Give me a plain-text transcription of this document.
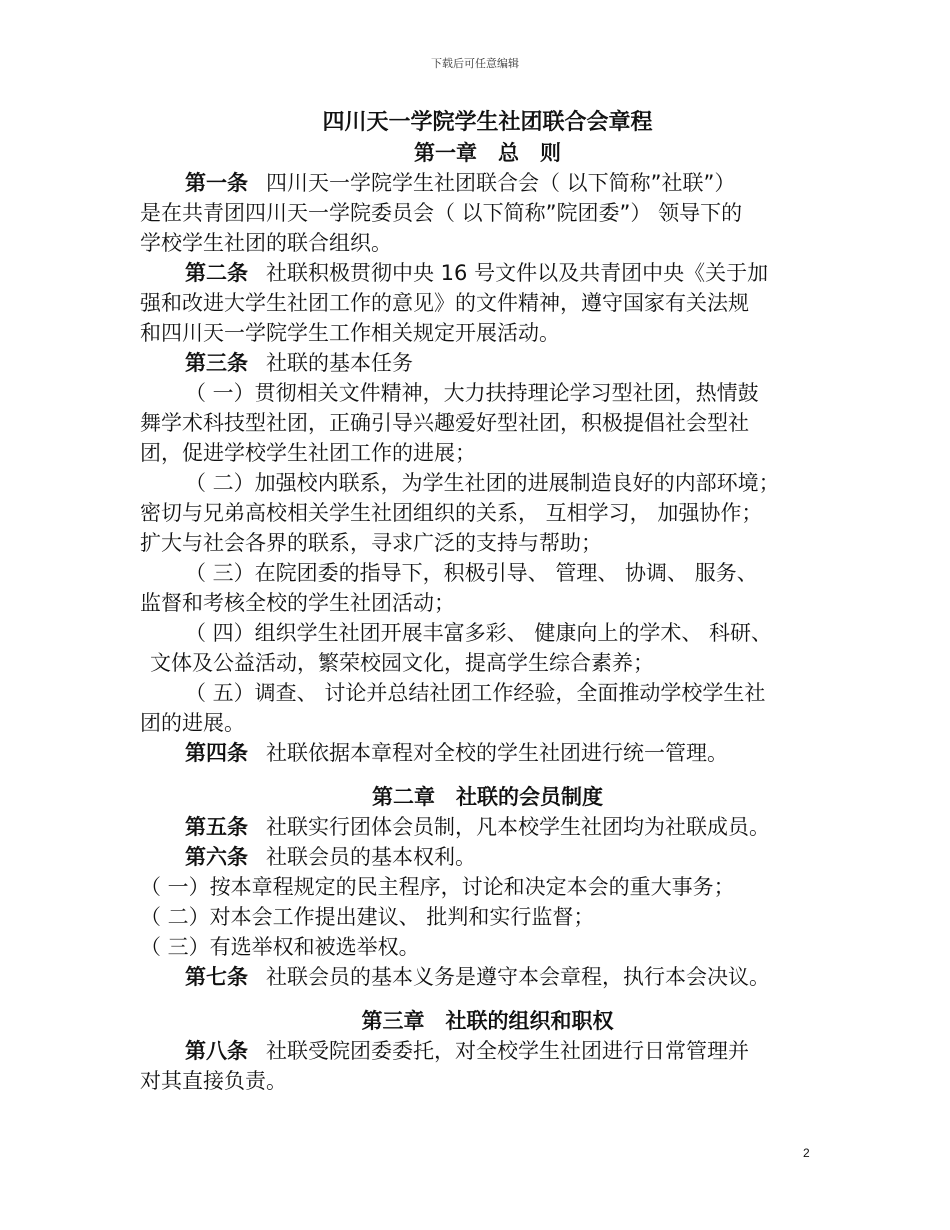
下载后可任意编辑
四川天一学院学生社团联合会章程
第一章　总　则
第一条 四川天一学院学生社团联合会（ 以下简称”社联”）
是在共青团四川天一学院委员会（ 以下简称”院团委”） 领导下的
学校学生社团的联合组织。
第二条 社联积极贯彻中央 16 号文件以及共青团中央《关于加
强和改进大学生社团工作的意见》的文件精神，遵守国家有关法规
和四川天一学院学生工作相关规定开展活动。
第三条 社联的基本任务
（ 一）贯彻相关文件精神，大力扶持理论学习型社团，热情鼓
舞学术科技型社团，正确引导兴趣爱好型社团，积极提倡社会型社
团，促进学校学生社团工作的进展；
（ 二）加强校内联系，为学生社团的进展制造良好的内部环境；
密切与兄弟高校相关学生社团组织的关系， 互相学习， 加强协作；
扩大与社会各界的联系，寻求广泛的支持与帮助；
（ 三）在院团委的指导下，积极引导、 管理、 协调、 服务、
监督和考核全校的学生社团活动；
（ 四）组织学生社团开展丰富多彩、 健康向上的学术、 科研、
文体及公益活动，繁荣校园文化，提高学生综合素养；
（ 五）调查、 讨论并总结社团工作经验，全面推动学校学生社
团的进展。
第四条 社联依据本章程对全校的学生社团进行统一管理。
第二章　社联的会员制度
第五条 社联实行团体会员制，凡本校学生社团均为社联成员。
第六条 社联会员的基本权利。
（ 一）按本章程规定的民主程序，讨论和决定本会的重大事务；
（ 二）对本会工作提出建议、 批判和实行监督；
（ 三）有选举权和被选举权。
第七条 社联会员的基本义务是遵守本会章程，执行本会决议。
第三章　社联的组织和职权
第八条 社联受院团委委托，对全校学生社团进行日常管理并
对其直接负责。
2
